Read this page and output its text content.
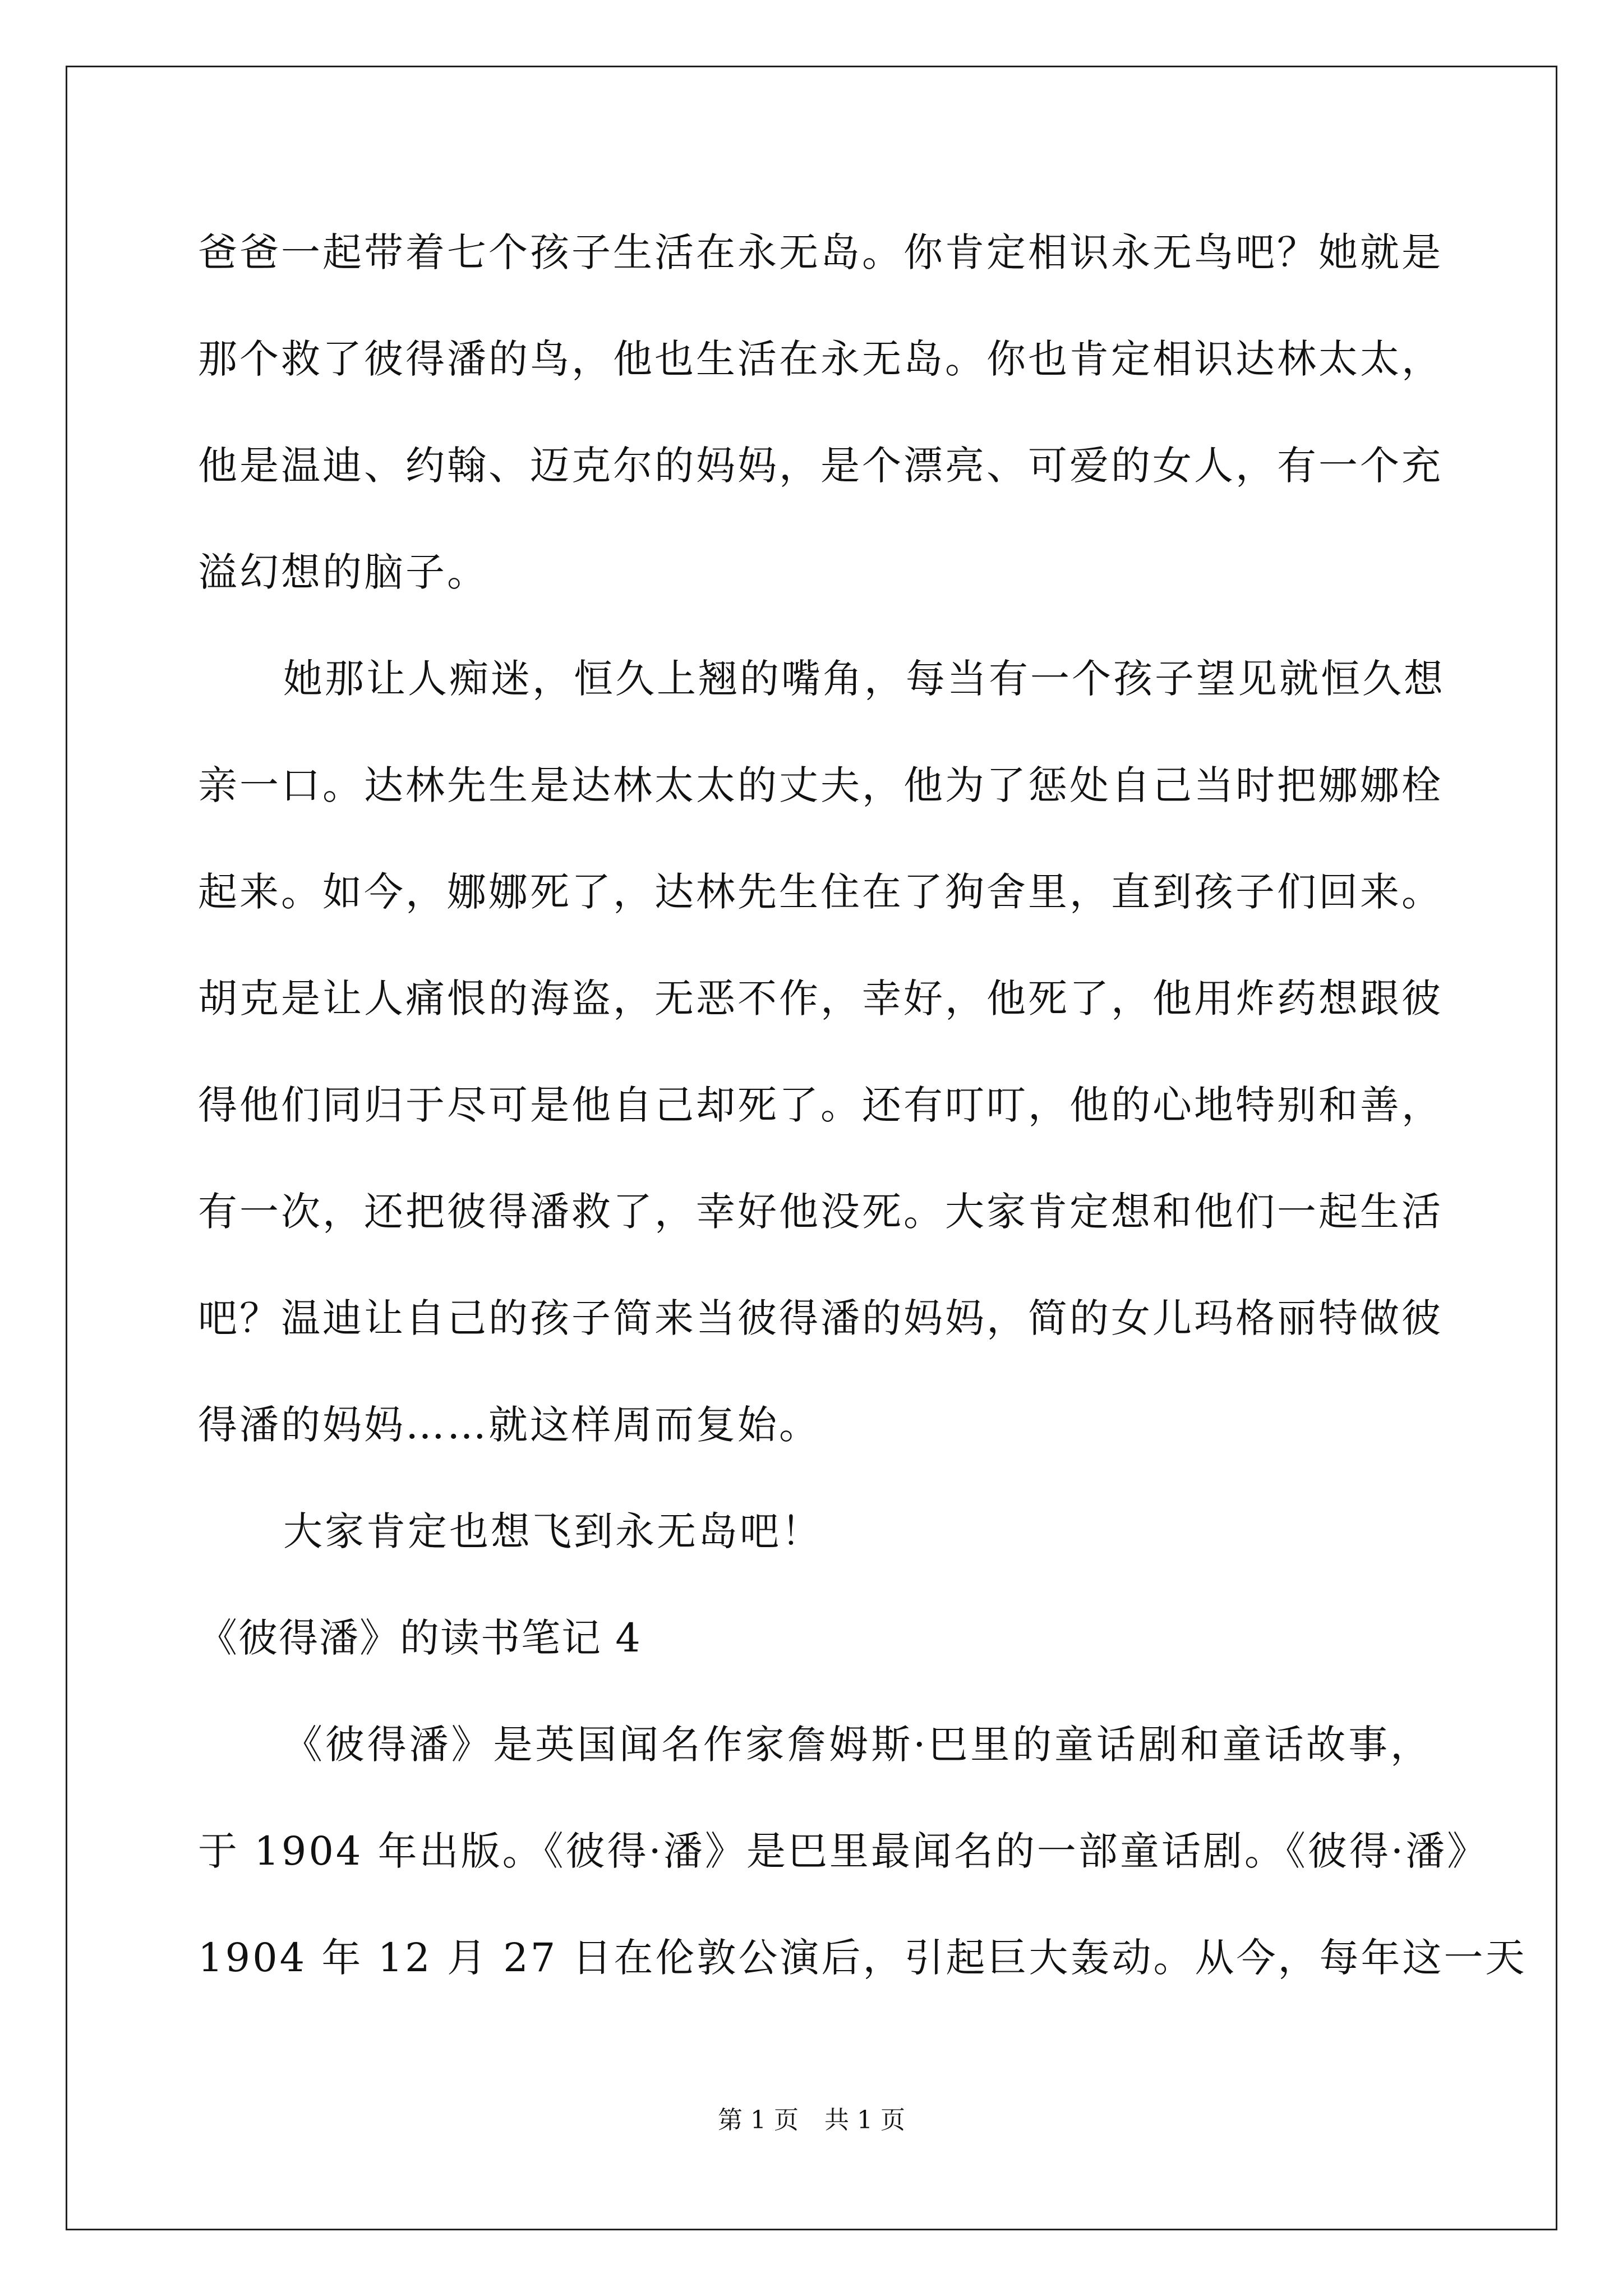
爸爸一起带着七个孩子生活在永无岛。你肯定相识永无鸟吧？她就是

那个救了彼得潘的鸟，他也生活在永无岛。你也肯定相识达林太太，

他是温迪、约翰、迈克尔的妈妈，是个漂亮、可爱的女人，有一个充

溢幻想的脑子。

她那让人痴迷，恒久上翘的嘴角，每当有一个孩子望见就恒久想

亲一口。达林先生是达林太太的丈夫，他为了惩处自己当时把娜娜栓

起来。如今，娜娜死了，达林先生住在了狗舍里，直到孩子们回来。

胡克是让人痛恨的海盗，无恶不作，幸好，他死了，他用炸药想跟彼

得他们同归于尽可是他自己却死了。还有叮叮，他的心地特别和善，

有一次，还把彼得潘救了，幸好他没死。大家肯定想和他们一起生活

吧？温迪让自己的孩子简来当彼得潘的妈妈，简的女儿玛格丽特做彼

得潘的妈妈……就这样周而复始。

大家肯定也想飞到永无岛吧！

《彼得潘》的读书笔记 4

《彼得潘》是英国闻名作家詹姆斯·巴里的童话剧和童话故事，

于 1904 年出版。《彼得·潘》是巴里最闻名的一部童话剧。《彼得·潘》

1904 年 12 月 27 日在伦敦公演后，引起巨大轰动。从今，每年这一天

第 1 页 共 1 页
